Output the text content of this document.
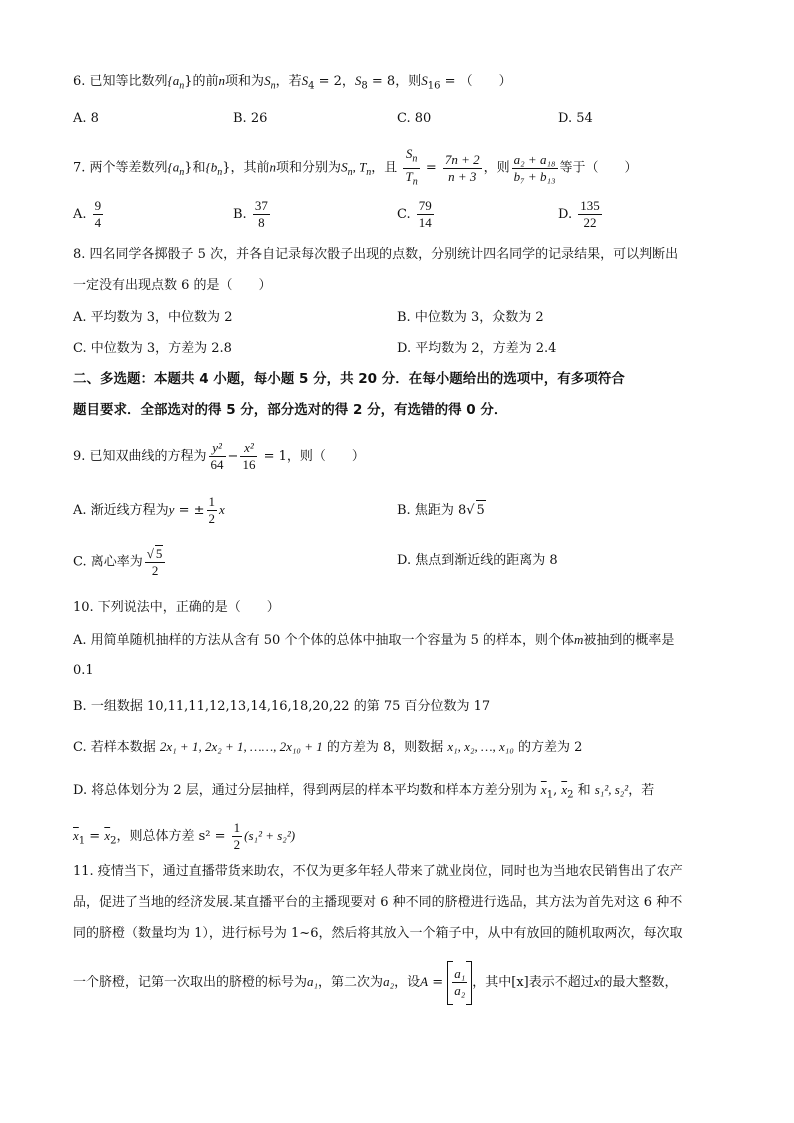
6. 已知等比数列$\{a_n\}$的前n项和为$S_n$，若$S_4 = 2$，$S_8 = 8$，则$S_{16}$ = （　　）
A. 8	B. 26	C. 80	D. 54
7. 两个等差数列$\{a_n\}$和$\{b_n\}$，其前n项和分别为$S_n$, $T_n$，且 $\frac{S_n}{T_n} = \frac{7n + 2}{n + 3}$ ，则 $\frac{\text{a₂ + a₁₈}}{\text{b₇ + b₁₃}}$ 等于（　　）
A. $\frac{9}{4}$	B. $\frac{37}{8}$	C. $\frac{79}{14}$	D. $\frac{135}{22}$
8. 四名同学各掷骰子 5 次，并各自记录每次骰子出现的点数，分别统计四名同学的记录结果，可以判断出
一定没有出现点数 6 的是（　　）
A. 平均数为 3，中位数为 2	B. 中位数为 3，众数为 2
C. 中位数为 3，方差为 2.8	D. 平均数为 2，方差为 2.4
二、多选题：本题共 4 小题，每小题 5 分，共 20 分．在每小题给出的选项中，有多项符合
题目要求．全部选对的得 5 分，部分选对的得 2 分，有选错的得 0 分．
9. 已知双曲线的方程为 $\frac{\text{y²}}{64} - \frac{\text{x²}}{16} = 1$，则（　　）
A. 渐近线方程为y = ± $\frac{1}{2}$ x	B. 焦距为 8√ 5
C. 离心率为 $\frac{√ 5}{2}$	D. 焦点到渐近线的距离为 8
10. 下列说法中，正确的是（　　）
A. 用简单随机抽样的方法从含有 50 个个体的总体中抽取一个容量为 5 的样本，则个体m被抽到的概率是
0.1
B. 一组数据 10,11,11,12,13,14,16,18,20,22 的第 75 百分位数为 17
C. 若样本数据 2x₁ + 1, 2x₂ + 1, ……, 2x₁₀ + 1 的方差为 8，则数据 x₁, x₂, …, x₁₀ 的方差为 2
D. 将总体划分为 2 层，通过分层抽样，得到两层的样本平均数和样本方差分别为 $\overline{x}_1$, $\overline{x}_2$ 和 s₁², s₂²，若
$\overline{x}_1 = \overline{x}_2$，则总体方差 $s^2 = \frac{1}{2} (s_1^2 + s_2^2)$
11. 疫情当下，通过直播带货来助农，不仅为更多年轻人带来了就业岗位，同时也为当地农民销售出了农产
品，促进了当地的经济发展.某直播平台的主播现要对 6 种不同的脐橙进行选品，其方法为首先对这 6 种不
同的脐橙（数量均为 1），进行标号为 1~6，然后将其放入一个箱子中，从中有放回的随机取两次，每次取
一个脐橙，记第一次取出的脐橙的标号为a₁，第二次为a₂，设$A = \frac{\text{a₁}}{\text{a₂}}$ ，其中[x]表示不超过x的最大整数，
